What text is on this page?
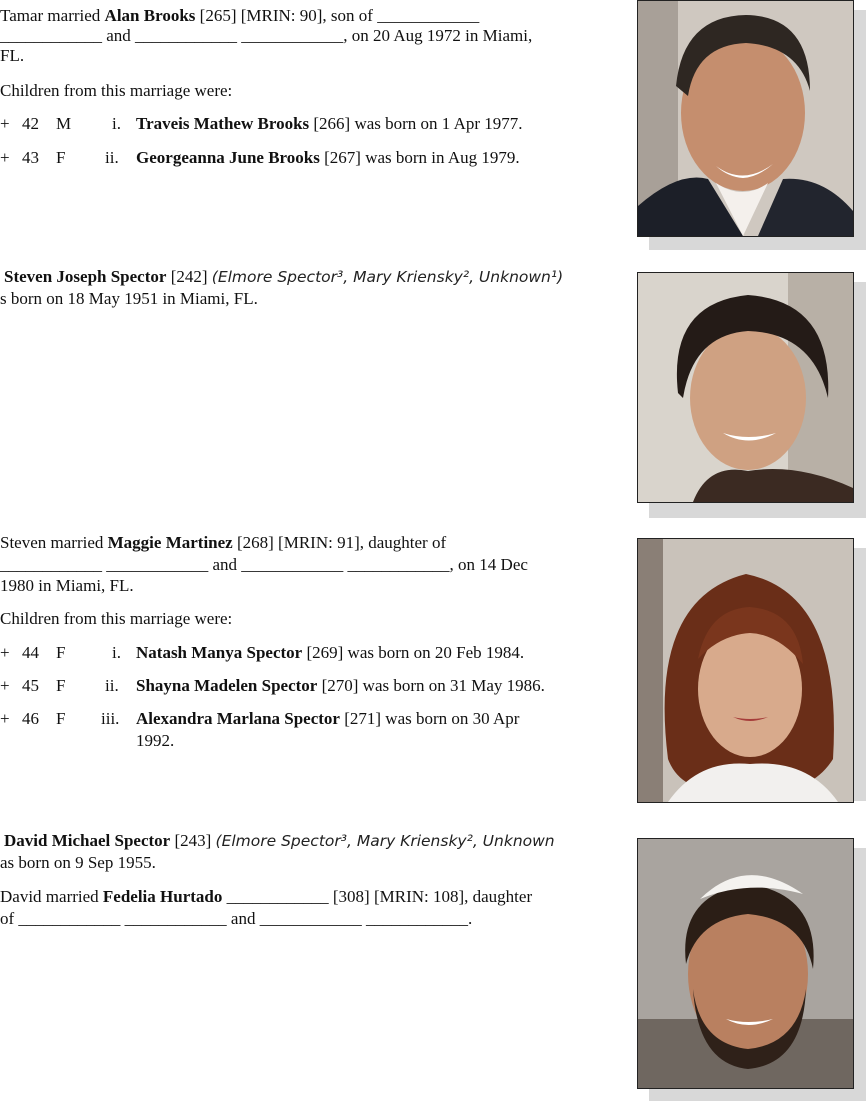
Tamar married Alan Brooks [265] [MRIN: 90], son of ____________
____________ and ____________ ____________, on 20 Aug 1972 in Miami,
FL.
Children from this marriage were:
+ 42 M i. Traveis Mathew Brooks [266] was born on 1 Apr 1977.
+ 43 F ii. Georgeanna June Brooks [267] was born in Aug 1979.
Steven Joseph Spector [242] (Elmore Spector³, Mary Kriensky², Unknown¹)
s born on 18 May 1951 in Miami, FL.
Steven married Maggie Martinez [268] [MRIN: 91], daughter of
____________ ____________ and ____________ ____________, on 14 Dec
1980 in Miami, FL.
Children from this marriage were:
+ 44 F	i. Natash Manya Spector [269] was born on 20 Feb 1984.
+ 45 F ii. Shayna Madelen Spector [270] was born on 31 May 1986.
+ 46 F iii. Alexandra Marlana Spector [271] was born on 30 Apr
1992.
David Michael Spector [243] (Elmore Spector³, Mary Kriensky², Unknown
as born on 9 Sep 1955.
David married Fedelia Hurtado ____________ [308] [MRIN: 108], daughter
of ____________ ____________ and ____________ ____________.
